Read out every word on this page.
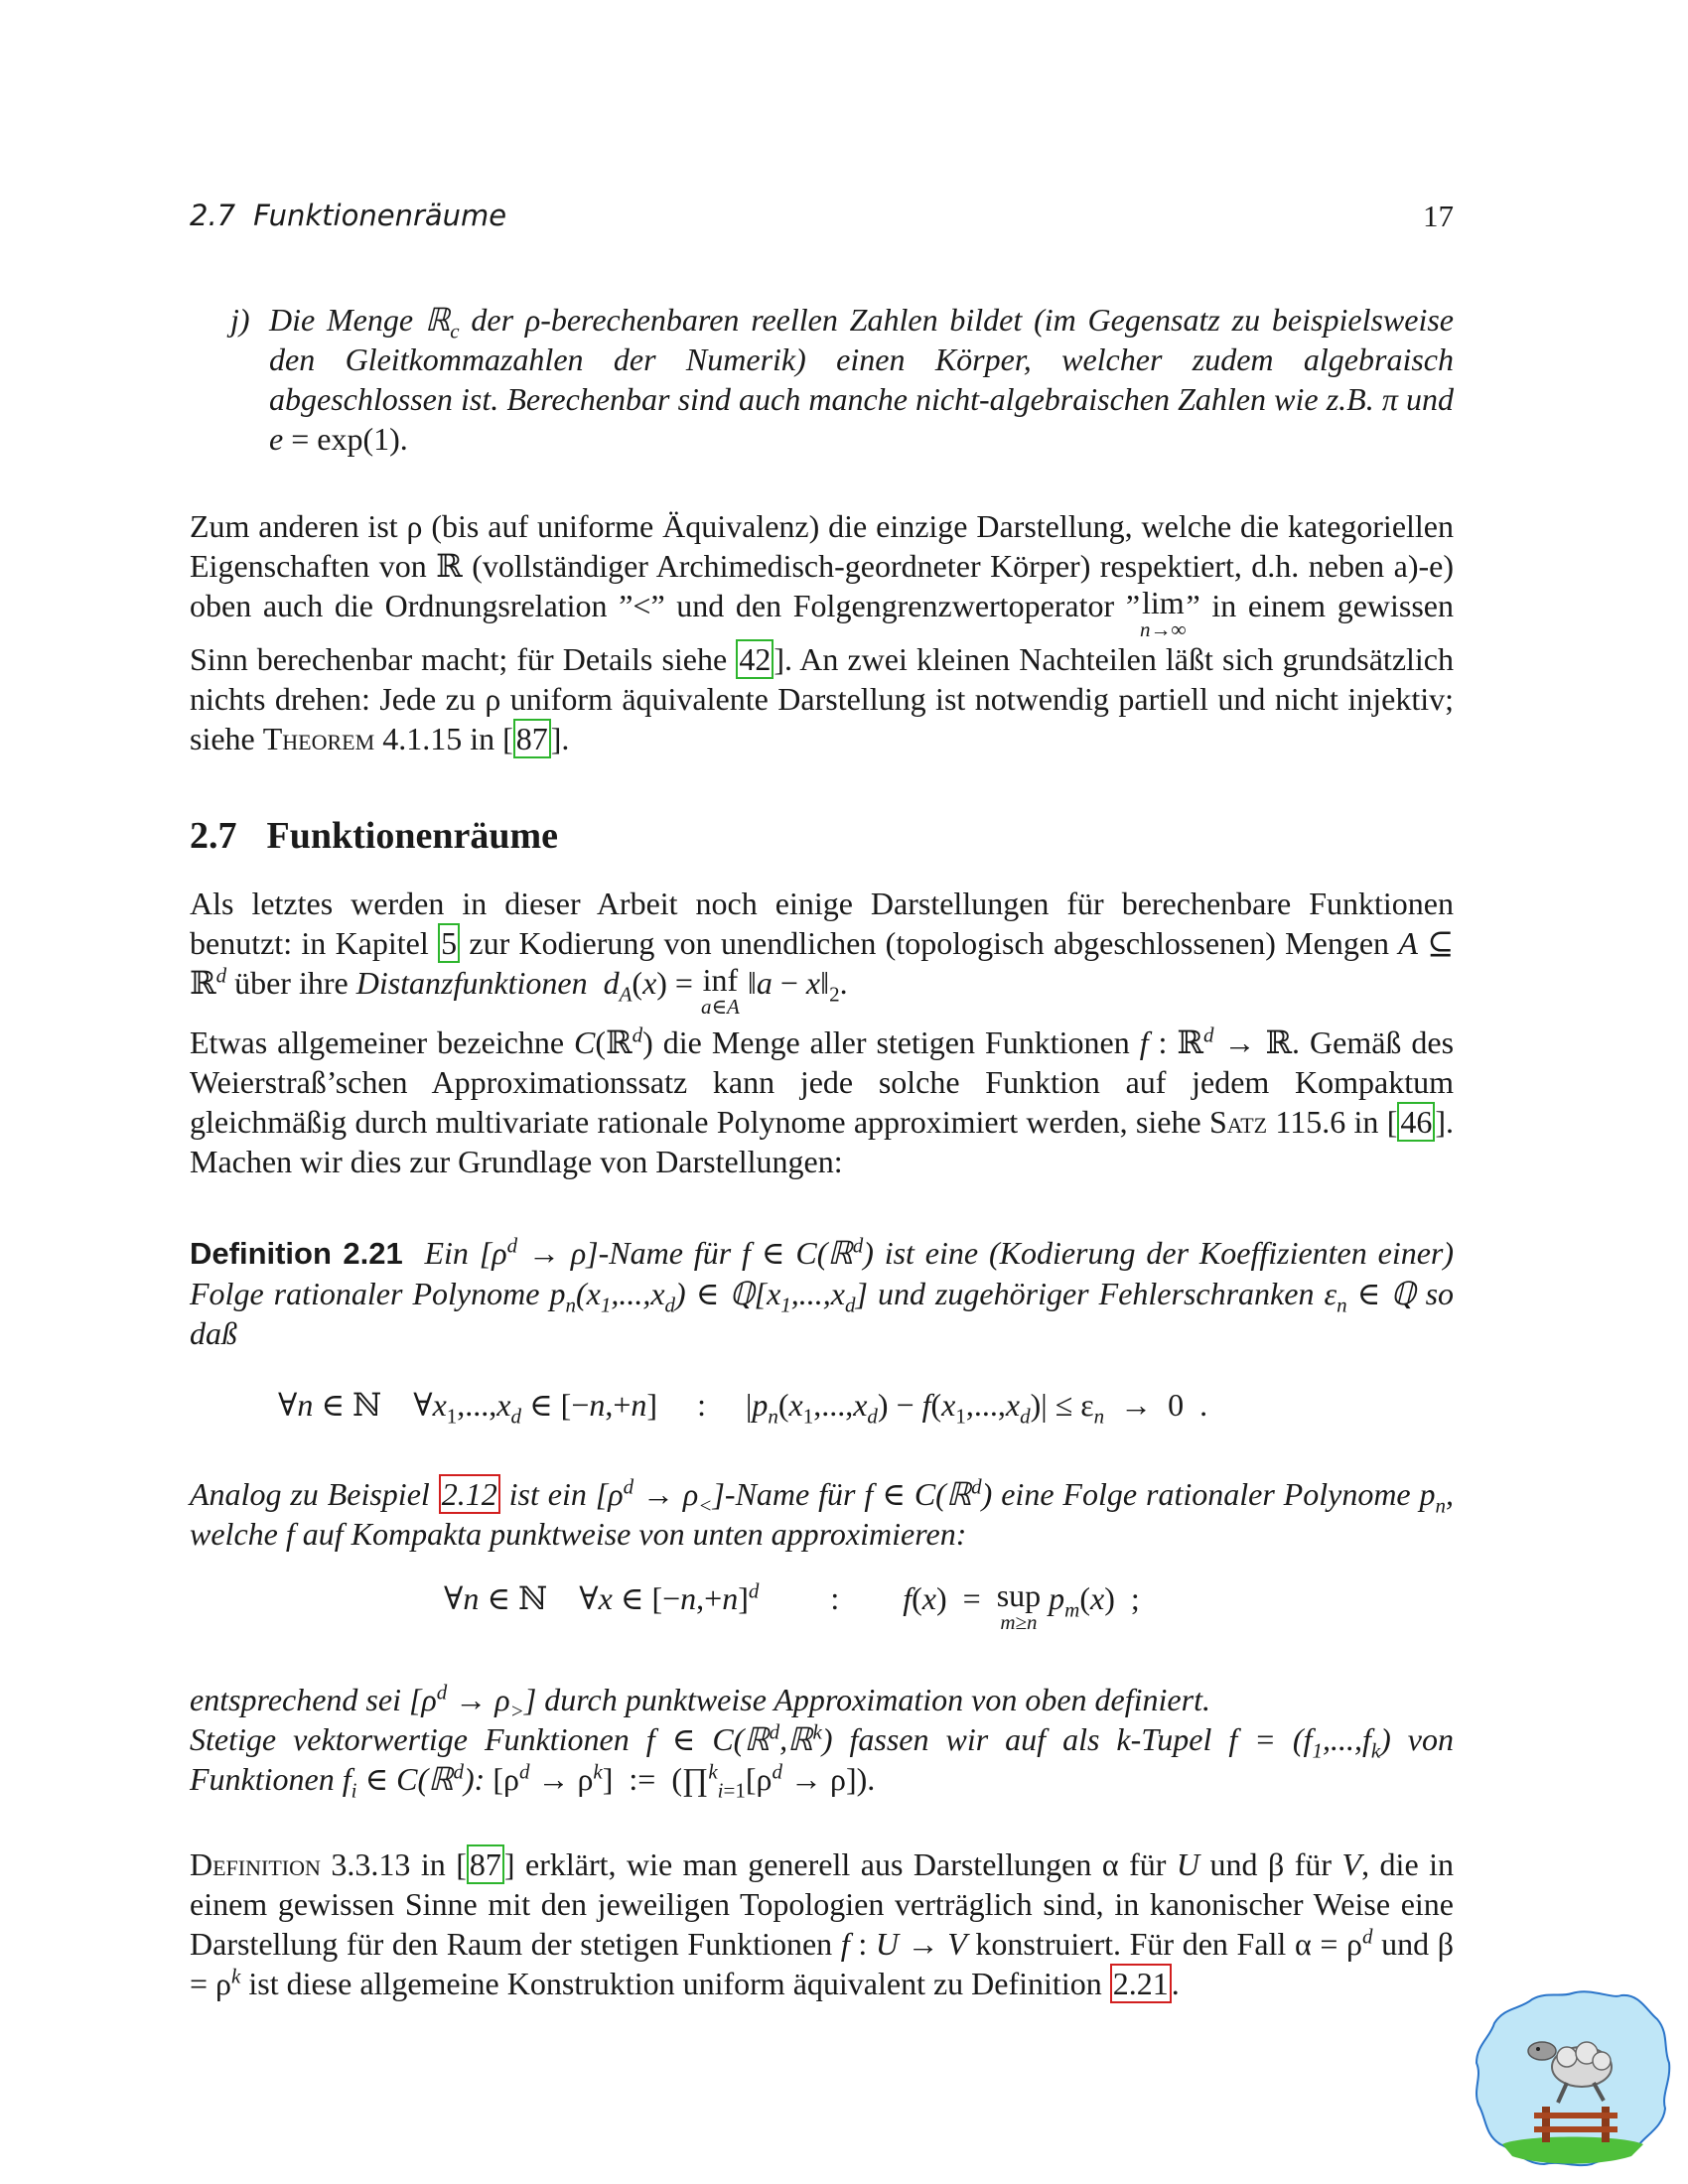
2.7 Funktionenräume	17
j) Die Menge ℝ$_c$ der ρ-berechenbaren reellen Zahlen bildet (im Gegensatz zu beispielsweise den Gleitkommazahlen der Numerik) einen Körper, welcher zudem algebraisch abgeschlossen ist. Berechenbar sind auch manche nicht-algebraischen Zahlen wie z.B. π und e = exp(1).
Zum anderen ist ρ (bis auf uniforme Äquivalenz) die einzige Darstellung, welche die kategoriellen Eigenschaften von ℝ (vollständiger Archimedisch-geordneter Körper) respektiert, d.h. neben a)-e) oben auch die Ordnungsrelation ”<” und den Folgengrenzwertoperator ”lim
n→∞
” in einem gewissen Sinn berechenbar macht; für Details siehe 42]. An zwei kleinen Nachteilen läßt sich grundsätzlich nichts drehen: Jede zu ρ uniform äquivalente Darstellung ist notwendig partiell und nicht injektiv; siehe Theorem 4.1.15 in [87].
2.7 Funktionenräume
Als letztes werden in dieser Arbeit noch einige Darstellungen für berechenbare Funktionen benutzt: in Kapitel 5 zur Kodierung von unendlichen (topologisch abgeschlossenen) Mengen A ⊆ ℝ$^d$ über ihre Distanzfunktionen $d_A(x)$ = inf
a∈A
‖a − $x‖_2$.
Etwas allgemeiner bezeichne C(ℝ$^d$) die Menge aller stetigen Funktionen f : ℝ$^d$ → ℝ. Gemäß des Weierstraß’schen Approximationssatz kann jede solche Funktion auf jedem Kompaktum gleichmäßig durch multivariate rationale Polynome approximiert werden, siehe Satz 115.6 in [46]. Machen wir dies zur Grundlage von Darstellungen:
Definition 2.21 Ein [$\rho^d$ → ρ]-Name für f ∈ C(ℝ$^d$) ist eine (Kodierung der Koeffizienten einer) Folge rationaler Polynome $p_n(x_1,...,x_d)$ ∈ $ℚ[x_1,...,x_d]$ und zugehöriger Fehlerschranken $\varepsilon_n$ ∈ ℚ so daß
∀n ∈ ℕ    $\forall x_1,...,x_d$ ∈ [−n,+n]     :     $|p_n(x_1,...,x_d) - f(x_1,...,x_d)| \le \varepsilon_n \to 0$  .
Analog zu Beispiel 2.12 ist ein [$\rho^d$ → $\rho_<$]-Name für f ∈ C(ℝ$^d$) eine Folge rationaler Polynome $p_n$, welche f auf Kompakta punktweise von unten approximieren:
∀n ∈ ℕ    ∀x ∈ $[-n,+n]^d$         :        f(x)  =  sup
m≥n
$p_m(x)$  ;
entsprechend sei $[\rho^d \to \rho_>]$ durch punktweise Approximation von oben definiert.
Stetige vektorwertige Funktionen f ∈ C(ℝ$^d$,ℝ$^k$) fassen wir auf als k-Tupel $f = (f_1,...,f_k)$ von Funktionen $f_i$ ∈ C(ℝ$^d$): $[\rho^d \to \rho^k]$  :=  $(\prod^k_{i=1}[\rho^d \to \rho])$.
Definition 3.3.13 in [87] erklärt, wie man generell aus Darstellungen α für U und β für V, die in einem gewissen Sinne mit den jeweiligen Topologien verträglich sind, in kanonischer Weise eine Darstellung für den Raum der stetigen Funktionen f : U → V konstruiert. Für den Fall $\alpha = \rho^d$ und $\beta = \rho^k$ ist diese allgemeine Konstruktion uniform äquivalent zu Definition 2.21.
